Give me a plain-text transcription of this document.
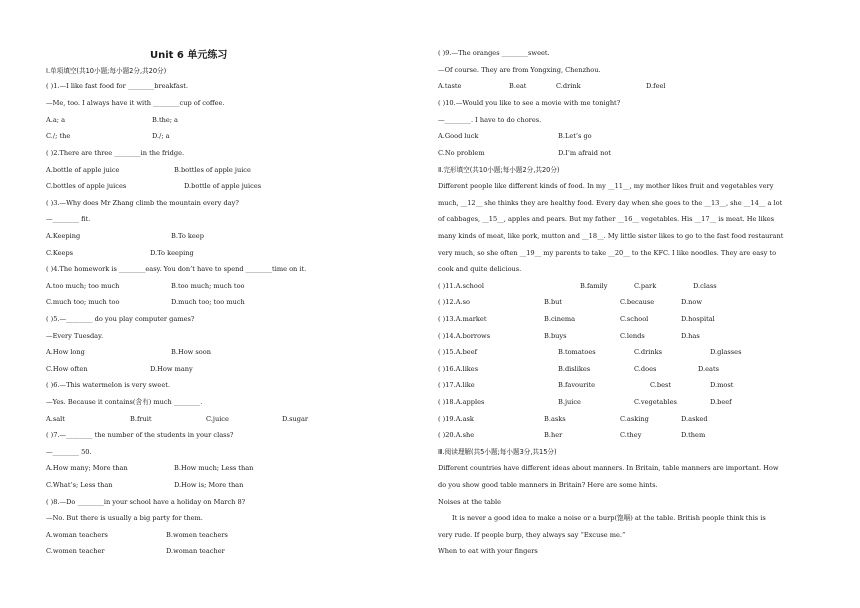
Unit 6 单元练习
Ⅰ.单项填空(共10小题;每小题2分,共20分)
( )1.—I like fast food for ________breakfast.
—Me, too. I always have it with ________cup of coffee.
A.a; a	B.the; a
C./; the	D./; a
( )2.There are three ________in the fridge.
A.bottle of apple juice	B.bottles of apple juice
C.bottles of apple juices	D.bottle of apple juices
( )3.—Why does Mr Zhang climb the mountain every day?
—________ fit.
A.Keeping	B.To keep
C.Keeps	D.To keeping
( )4.The homework is ________easy. You don’t have to spend ________time on it.
A.too much; too much	B.too much; much too
C.much too; much too	D.much too; too much
( )5.—________ do you play computer games?
—Every Tuesday.
A.How long	B.How soon
C.How often	D.How many
( )6.—This watermelon is very sweet.
—Yes. Because it contains(含有) much ________.
A.salt	B.fruit	C.juice	D.sugar
( )7.—________ the number of the students in your class?
—________ 50.
A.How many; More than	B.How much; Less than
C.What’s; Less than	D.How is; More than
( )8.—Do ________in your school have a holiday on March 8?
—No. But there is usually a big party for them.
A.woman teachers	B.women teachers
C.women teacher	D.woman teacher
( )9.—The oranges ________sweet.
—Of course. They are from Yongxing, Chenzhou.
A.taste	B.eat	C.drink	D.feel
( )10.—Would you like to see a movie with me tonight?
—________. I have to do chores.
A.Good luck	B.Let’s go
C.No problem	D.I’m afraid not
Ⅱ.完形填空(共10小题;每小题2分,共20分)
Different people like different kinds of food. In my __11__, my mother likes fruit and vegetables very
much, __12__ she thinks they are healthy food. Every day when she goes to the __13__, she __14__ a lot
of cabbages, __15__, apples and pears. But my father __16__ vegetables. His __17__ is meat. He likes
many kinds of meat, like pork, mutton and __18__. My little sister likes to go to the fast food restaurant
very much, so she often __19__ my parents to take __20__ to the KFC. I like noodles. They are easy to
cook and quite delicious.
( )11.A.school	B.family	C.park	D.class
( )12.A.so	B.but	C.because	D.now
( )13.A.market	B.cinema	C.school	D.hospital
( )14.A.borrows	B.buys	C.lends	D.has
( )15.A.beef	B.tomatoes	C.drinks	D.glasses
( )16.A.likes	B.dislikes	C.does	D.eats
( )17.A.like	B.favourite	C.best	D.most
( )18.A.apples	B.juice	C.vegetables	D.beef
( )19.A.ask	B.asks	C.asking	D.asked
( )20.A.she	B.her	C.they	D.them
Ⅲ.阅读理解(共5小题;每小题3分,共15分)
Different countries have different ideas about manners. In Britain, table manners are important. How
do you show good table manners in Britain? Here are some hints.
Noises at the table
It is never a good idea to make a noise or a burp(饱嗝) at the table. British people think this is
very rude. If people burp, they always say “Excuse me.”
When to eat with your fingers
